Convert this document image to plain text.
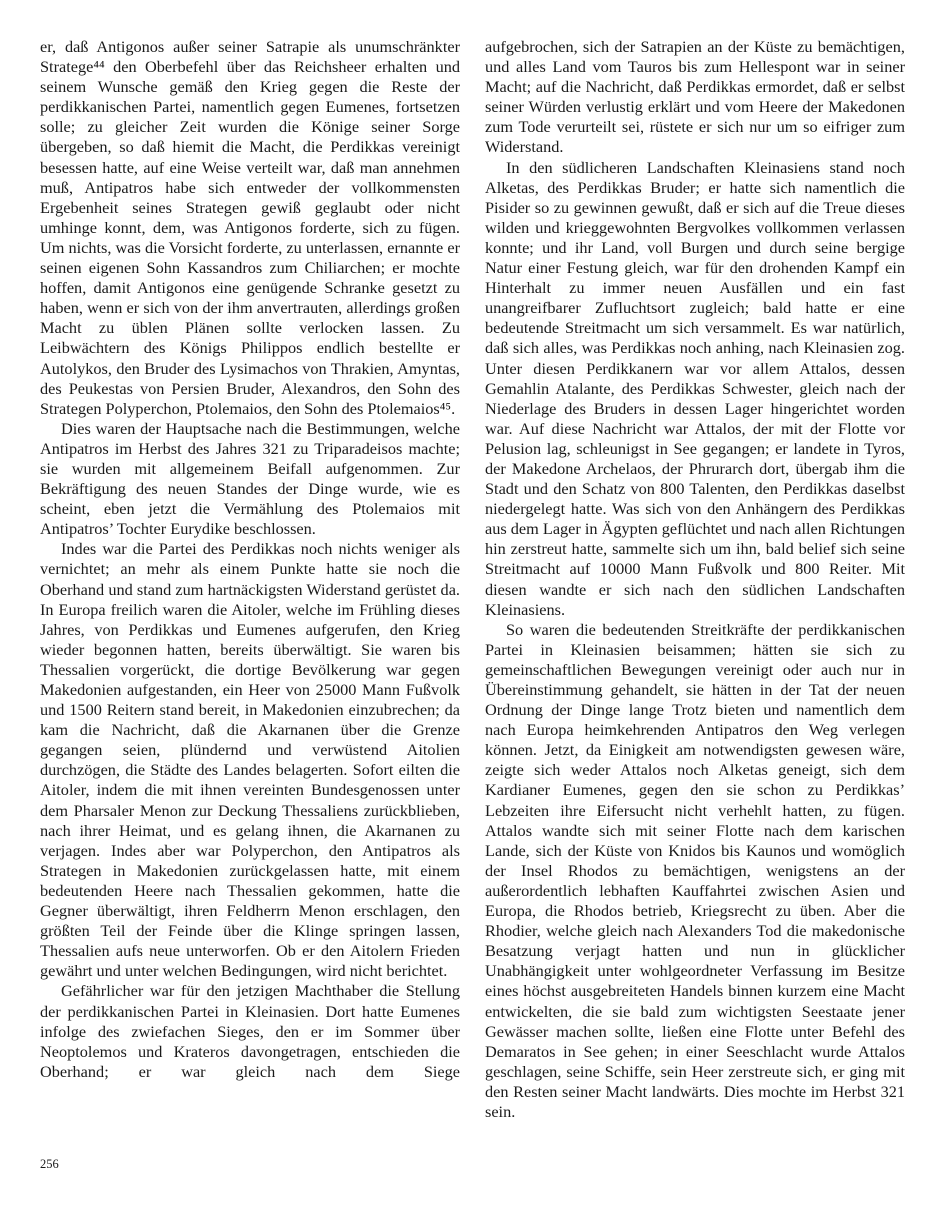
er, daß Antigonos außer seiner Satrapie als unumschränkter Stratege⁴⁴ den Oberbefehl über das Reichsheer erhalten und seinem Wunsche gemäß den Krieg gegen die Reste der perdikkanischen Partei, namentlich gegen Eumenes, fortsetzen solle; zu gleicher Zeit wurden die Könige seiner Sorge übergeben, so daß hiemit die Macht, die Perdikkas vereinigt besessen hatte, auf eine Weise verteilt war, daß man annehmen muß, Antipatros habe sich entweder der vollkommensten Ergebenheit seines Strategen gewiß geglaubt oder nicht umhinge konnt, dem, was Antigonos forderte, sich zu fügen. Um nichts, was die Vorsicht forderte, zu unterlassen, ernannte er seinen eigenen Sohn Kassandros zum Chiliarchen; er mochte hoffen, damit Antigonos eine genügende Schranke gesetzt zu haben, wenn er sich von der ihm anvertrauten, allerdings großen Macht zu üblen Plänen sollte verlocken lassen. Zu Leibwächtern des Königs Philippos endlich bestellte er Autolykos, den Bruder des Lysimachos von Thrakien, Amyntas, des Peukestas von Persien Bruder, Alexandros, den Sohn des Strategen Polyperchon, Ptolemaios, den Sohn des Ptolemaios⁴⁵.

Dies waren der Hauptsache nach die Bestimmungen, welche Antipatros im Herbst des Jahres 321 zu Triparadeisos machte; sie wurden mit allgemeinem Beifall aufgenommen. Zur Bekräftigung des neuen Standes der Dinge wurde, wie es scheint, eben jetzt die Vermählung des Ptolemaios mit Antipatros’ Tochter Eurydike beschlossen.

Indes war die Partei des Perdikkas noch nichts weniger als vernichtet; an mehr als einem Punkte hatte sie noch die Oberhand und stand zum hartnäckigsten Widerstand gerüstet da. In Europa freilich waren die Aitoler, welche im Frühling dieses Jahres, von Perdikkas und Eumenes aufgerufen, den Krieg wieder begonnen hatten, bereits überwältigt. Sie waren bis Thessalien vorgerückt, die dortige Bevölkerung war gegen Makedonien aufgestanden, ein Heer von 25000 Mann Fußvolk und 1500 Reitern stand bereit, in Makedonien einzubrechen; da kam die Nachricht, daß die Akarnanen über die Grenze gegangen seien, plündernd und verwüstend Aitolien durchzögen, die Städte des Landes belagerten. Sofort eilten die Aitoler, indem die mit ihnen vereinten Bundesgenossen unter dem Pharsaler Menon zur Deckung Thessaliens zurückblieben, nach ihrer Heimat, und es gelang ihnen, die Akarnanen zu verjagen. Indes aber war Polyperchon, den Antipatros als Strategen in Makedonien zurückgelassen hatte, mit einem bedeutenden Heere nach Thessalien gekommen, hatte die Gegner überwältigt, ihren Feldherrn Menon erschlagen, den größten Teil der Feinde über die Klinge springen lassen, Thessalien aufs neue unterworfen. Ob er den Aitolern Frieden gewährt und unter welchen Bedingungen, wird nicht berichtet.

Gefährlicher war für den jetzigen Machthaber die Stellung der perdikkanischen Partei in Kleinasien. Dort hatte Eumenes infolge des zwiefachen Sieges, den er im Sommer über Neoptolemos und Krateros davongetragen, entschieden die Oberhand; er war gleich nach dem Siege

aufgebrochen, sich der Satrapien an der Küste zu bemächtigen, und alles Land vom Tauros bis zum Hellespont war in seiner Macht; auf die Nachricht, daß Perdikkas ermordet, daß er selbst seiner Würden verlustig erklärt und vom Heere der Makedonen zum Tode verurteilt sei, rüstete er sich nur um so eifriger zum Widerstand.

In den südlicheren Landschaften Kleinasiens stand noch Alketas, des Perdikkas Bruder; er hatte sich namentlich die Pisider so zu gewinnen gewußt, daß er sich auf die Treue dieses wilden und krieggewohnten Bergvolkes vollkommen verlassen konnte; und ihr Land, voll Burgen und durch seine bergige Natur einer Festung gleich, war für den drohenden Kampf ein Hinterhalt zu immer neuen Ausfällen und ein fast unangreifbarer Zufluchtsort zugleich; bald hatte er eine bedeutende Streitmacht um sich versammelt. Es war natürlich, daß sich alles, was Perdikkas noch anhing, nach Kleinasien zog. Unter diesen Perdikkanern war vor allem Attalos, dessen Gemahlin Atalante, des Perdikkas Schwester, gleich nach der Niederlage des Bruders in dessen Lager hingerichtet worden war. Auf diese Nachricht war Attalos, der mit der Flotte vor Pelusion lag, schleunigst in See gegangen; er landete in Tyros, der Makedone Archelaos, der Phrurarch dort, übergab ihm die Stadt und den Schatz von 800 Talenten, den Perdikkas daselbst niedergelegt hatte. Was sich von den Anhängern des Perdikkas aus dem Lager in Ägypten geflüchtet und nach allen Richtungen hin zerstreut hatte, sammelte sich um ihn, bald belief sich seine Streitmacht auf 10000 Mann Fußvolk und 800 Reiter. Mit diesen wandte er sich nach den südlichen Landschaften Kleinasiens.

So waren die bedeutenden Streitkräfte der perdikkanischen Partei in Kleinasien beisammen; hätten sie sich zu gemeinschaftlichen Bewegungen vereinigt oder auch nur in Übereinstimmung gehandelt, sie hätten in der Tat der neuen Ordnung der Dinge lange Trotz bieten und namentlich dem nach Europa heimkehrenden Antipatros den Weg verlegen können. Jetzt, da Einigkeit am notwendigsten gewesen wäre, zeigte sich weder Attalos noch Alketas geneigt, sich dem Kardianer Eumenes, gegen den sie schon zu Perdikkas’ Lebzeiten ihre Eifersucht nicht verhehlt hatten, zu fügen. Attalos wandte sich mit seiner Flotte nach dem karischen Lande, sich der Küste von Knidos bis Kaunos und womöglich der Insel Rhodos zu bemächtigen, wenigstens an der außerordentlich lebhaften Kauffahrtei zwischen Asien und Europa, die Rhodos betrieb, Kriegsrecht zu üben. Aber die Rhodier, welche gleich nach Alexanders Tod die makedonische Besatzung verjagt hatten und nun in glücklicher Unabhängigkeit unter wohlgeordneter Verfassung im Besitze eines höchst ausgebreiteten Handels binnen kurzem eine Macht entwickelten, die sie bald zum wichtigsten Seestaate jener Gewässer machen sollte, ließen eine Flotte unter Befehl des Demaratos in See gehen; in einer Seeschlacht wurde Attalos geschlagen, seine Schiffe, sein Heer zerstreute sich, er ging mit den Resten seiner Macht landwärts. Dies mochte im Herbst 321 sein.

256
